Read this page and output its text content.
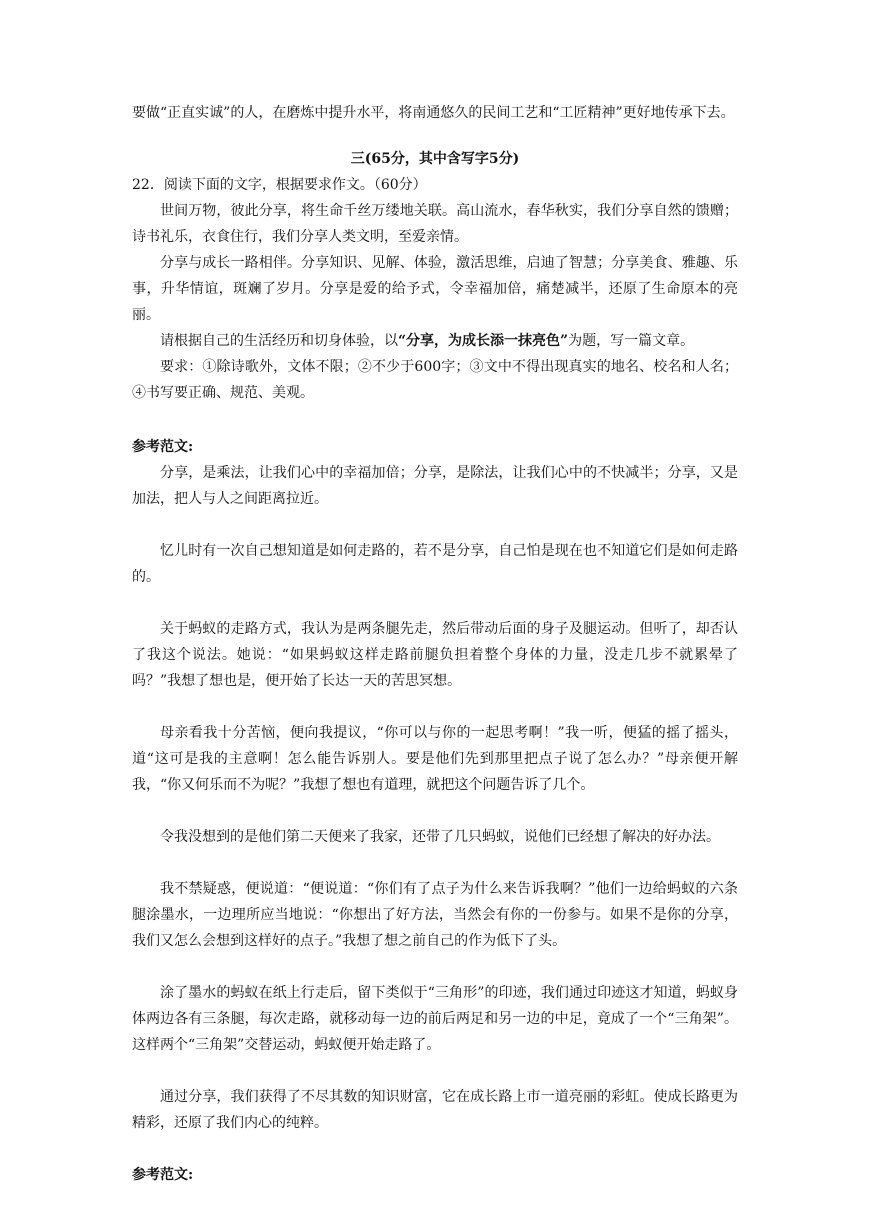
要做“正直实诚”的人，在磨炼中提升水平，将南通悠久的民间工艺和“工匠精神”更好地传承下去。

三(65分，其中含写字5分)

22．阅读下面的文字，根据要求作文。（60分）

世间万物，彼此分享，将生命千丝万缕地关联。高山流水，春华秋实，我们分享自然的馈赠；诗书礼乐，衣食住行，我们分享人类文明，至爱亲情。

分享与成长一路相伴。分享知识、见解、体验，激活思维，启迪了智慧；分享美食、雅趣、乐事，升华情谊，斑斓了岁月。分享是爱的给予式，令幸福加倍，痛楚减半，还原了生命原本的亮丽。

请根据自己的生活经历和切身体验，以“分享，为成长添一抹亮色”为题，写一篇文章。

要求：①除诗歌外，文体不限；②不少于600字；③文中不得出现真实的地名、校名和人名；④书写要正确、规范、美观。

参考范文:

分享，是乘法，让我们心中的幸福加倍；分享，是除法，让我们心中的不快减半；分享，又是加法，把人与人之间距离拉近。

忆儿时有一次自己想知道是如何走路的，若不是分享，自己怕是现在也不知道它们是如何走路的。

关于蚂蚁的走路方式，我认为是两条腿先走，然后带动后面的身子及腿运动。但听了，却否认了我这个说法。她说：“如果蚂蚁这样走路前腿负担着整个身体的力量，没走几步不就累晕了吗？”我想了想也是，便开始了长达一天的苦思冥想。

母亲看我十分苦恼，便向我提议，“你可以与你的一起思考啊！”我一听，便猛的摇了摇头，道“这可是我的主意啊！怎么能告诉别人。要是他们先到那里把点子说了怎么办？”母亲便开解我，“你又何乐而不为呢？”我想了想也有道理，就把这个问题告诉了几个。

令我没想到的是他们第二天便来了我家，还带了几只蚂蚁，说他们已经想了解决的好办法。

我不禁疑惑，便说道：“便说道：“你们有了点子为什么来告诉我啊？”他们一边给蚂蚁的六条腿涂墨水，一边理所应当地说：“你想出了好方法，当然会有你的一份参与。如果不是你的分享，我们又怎么会想到这样好的点子。”我想了想之前自己的作为低下了头。

涂了墨水的蚂蚁在纸上行走后，留下类似于“三角形”的印迹，我们通过印迹这才知道，蚂蚁身体两边各有三条腿，每次走路，就移动每一边的前后两足和另一边的中足，竟成了一个“三角架”。这样两个“三角架”交替运动，蚂蚁便开始走路了。

通过分享，我们获得了不尽其数的知识财富，它在成长路上市一道亮丽的彩虹。使成长路更为精彩，还原了我们内心的纯粹。

参考范文:
